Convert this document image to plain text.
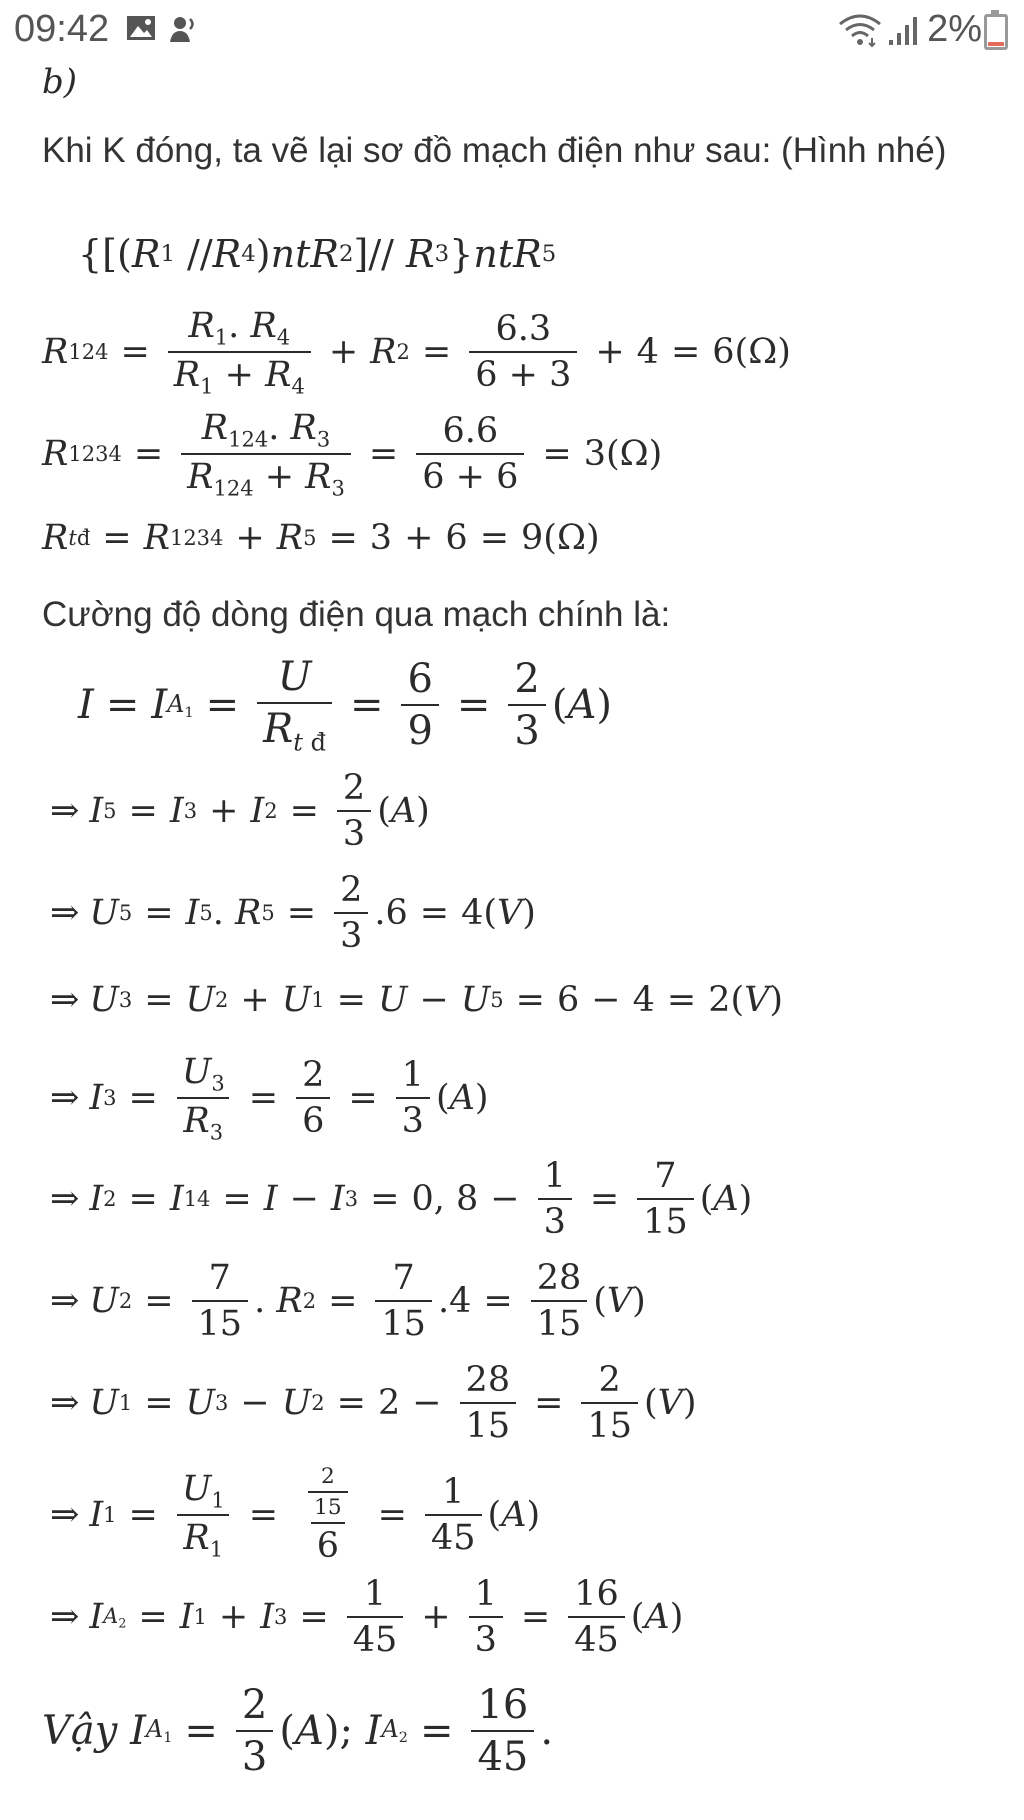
09:42	2%
b)
Khi K đóng, ta vẽ lại sơ đồ mạch điện như sau: (Hình nhé)
{[( R 1 // R 4 ) ntR 2 ]// R 3 } ntR 5
R $124 = \frac{R_1. R_4}{R_1 + R_4} + R$ $2 = \frac{6.3}{6 + 3} + 4 = 6(\Omega)$
R $1234 = \frac{R_{124}. R_3}{R_{124} + R_3} = \frac{6.6}{6 + 6} = 3(\Omega)$
R tđ = R 1234 + R 5 = 3 + 6 = 9(Ω)
Cường độ dòng điện qua mạch chính là:
I = I $A_1 = \frac{U}{R_{t đ}} = \frac{6}{9} = \frac{2}{3}$ ( A )
⇒ I 5 = I 3 + I $2 = \frac{2}{3}$ ( A )
⇒ U 5 = I 5 . R $5 = \frac{2}{3} .6 = 4$( V )
⇒ U 3 = U 2 + U 1 = U − U 5 = 6 − 4 = 2( V )
⇒ I $3 = \frac{U_3}{R_3} = \frac{2}{6} = \frac{1}{3}$ ( A )
⇒ I 2 = I 14 = I − I 3 = 0, $8 - \frac{1}{3} = \frac{7}{15}$ ( A )
⇒ U $2 = \frac{7}{15}$ . R $2 = \frac{7}{15} .4 = \frac{28}{15}$ ( V )
⇒ U 1 = U 3 − U $2 = 2 - \frac{28}{15} = \frac{2}{15}$ ( V )
⇒ I $1 = \frac{U_1}{R_1} = \frac{\frac{2}{15}}{6} = \frac{1}{45}$ ( A )
⇒ I $A_2 = I$ 1 + I $3 = \frac{1}{45} + \frac{1}{3} = \frac{16}{45}$ ( A )
Vậy
I $A_1 = \frac{2}{3}$ ( A ); I $A_2 = \frac{16}{45}$ .
